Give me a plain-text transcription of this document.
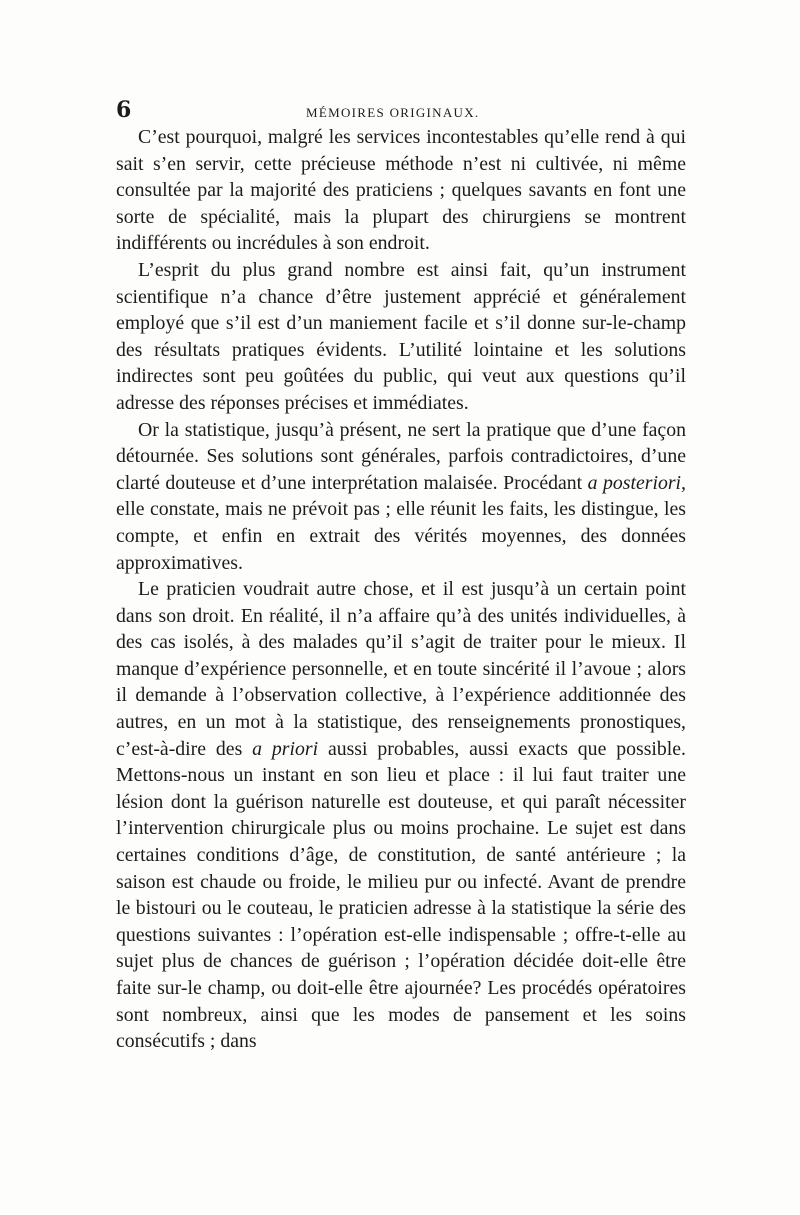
6	MÉMOIRES ORIGINAUX.

C’est pourquoi, malgré les services incontestables qu’elle rend à qui sait s’en servir, cette précieuse méthode n’est ni cultivée, ni même consultée par la majorité des praticiens ; quelques savants en font une sorte de spécialité, mais la plupart des chirurgiens se montrent indifférents ou incrédules à son endroit.

L’esprit du plus grand nombre est ainsi fait, qu’un instrument scientifique n’a chance d’être justement apprécié et généralement employé que s’il est d’un maniement facile et s’il donne sur-le-champ des résultats pratiques évidents. L’utilité lointaine et les solutions indirectes sont peu goûtées du public, qui veut aux questions qu’il adresse des réponses précises et immédiates.

Or la statistique, jusqu’à présent, ne sert la pratique que d’une façon détournée. Ses solutions sont générales, parfois contradictoires, d’une clarté douteuse et d’une interprétation malaisée. Procédant a posteriori, elle constate, mais ne prévoit pas ; elle réunit les faits, les distingue, les compte, et enfin en extrait des vérités moyennes, des données approximatives.

Le praticien voudrait autre chose, et il est jusqu’à un certain point dans son droit. En réalité, il n’a affaire qu’à des unités individuelles, à des cas isolés, à des malades qu’il s’agit de traiter pour le mieux. Il manque d’expérience personnelle, et en toute sincérité il l’avoue ; alors il demande à l’observation collective, à l’expérience additionnée des autres, en un mot à la statistique, des renseignements pronostiques, c’est-à-dire des a priori aussi probables, aussi exacts que possible. Mettons-nous un instant en son lieu et place : il lui faut traiter une lésion dont la guérison naturelle est douteuse, et qui paraît nécessiter l’intervention chirurgicale plus ou moins prochaine. Le sujet est dans certaines conditions d’âge, de constitution, de santé antérieure ; la saison est chaude ou froide, le milieu pur ou infecté. Avant de prendre le bistouri ou le couteau, le praticien adresse à la statistique la série des questions suivantes : l’opération est-elle indispensable ; offre-t-elle au sujet plus de chances de guérison ; l’opération décidée doit-elle être faite sur-le champ, ou doit-elle être ajournée? Les procédés opératoires sont nombreux, ainsi que les modes de pansement et les soins consécutifs ; dans
